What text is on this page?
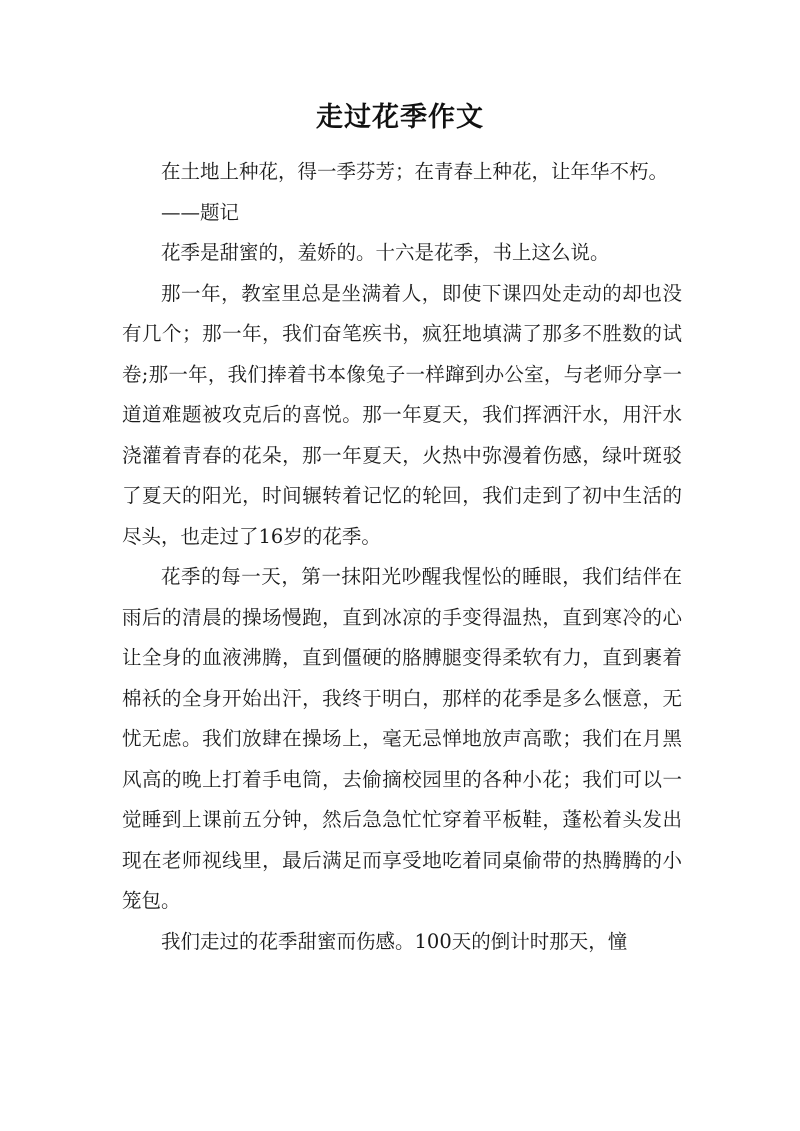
走过花季作文

在土地上种花，得一季芬芳；在青春上种花，让年华不朽。

——题记

花季是甜蜜的，羞娇的。十六是花季，书上这么说。

那一年，教室里总是坐满着人，即使下课四处走动的却也没有几个；那一年，我们奋笔疾书，疯狂地填满了那多不胜数的试卷;那一年，我们捧着书本像兔子一样蹿到办公室，与老师分享一道道难题被攻克后的喜悦。那一年夏天，我们挥洒汗水，用汗水浇灌着青春的花朵，那一年夏天，火热中弥漫着伤感，绿叶斑驳了夏天的阳光，时间辗转着记忆的轮回，我们走到了初中生活的尽头，也走过了16岁的花季。

花季的每一天，第一抹阳光吵醒我惺忪的睡眼，我们结伴在雨后的清晨的操场慢跑，直到冰凉的手变得温热，直到寒冷的心让全身的血液沸腾，直到僵硬的胳膊腿变得柔软有力，直到裹着棉袄的全身开始出汗，我终于明白，那样的花季是多么惬意，无忧无虑。我们放肆在操场上，毫无忌惮地放声高歌；我们在月黑风高的晚上打着手电筒，去偷摘校园里的各种小花；我们可以一觉睡到上课前五分钟，然后急急忙忙穿着平板鞋，蓬松着头发出现在老师视线里，最后满足而享受地吃着同桌偷带的热腾腾的小笼包。

我们走过的花季甜蜜而伤感。100天的倒计时那天，憧
